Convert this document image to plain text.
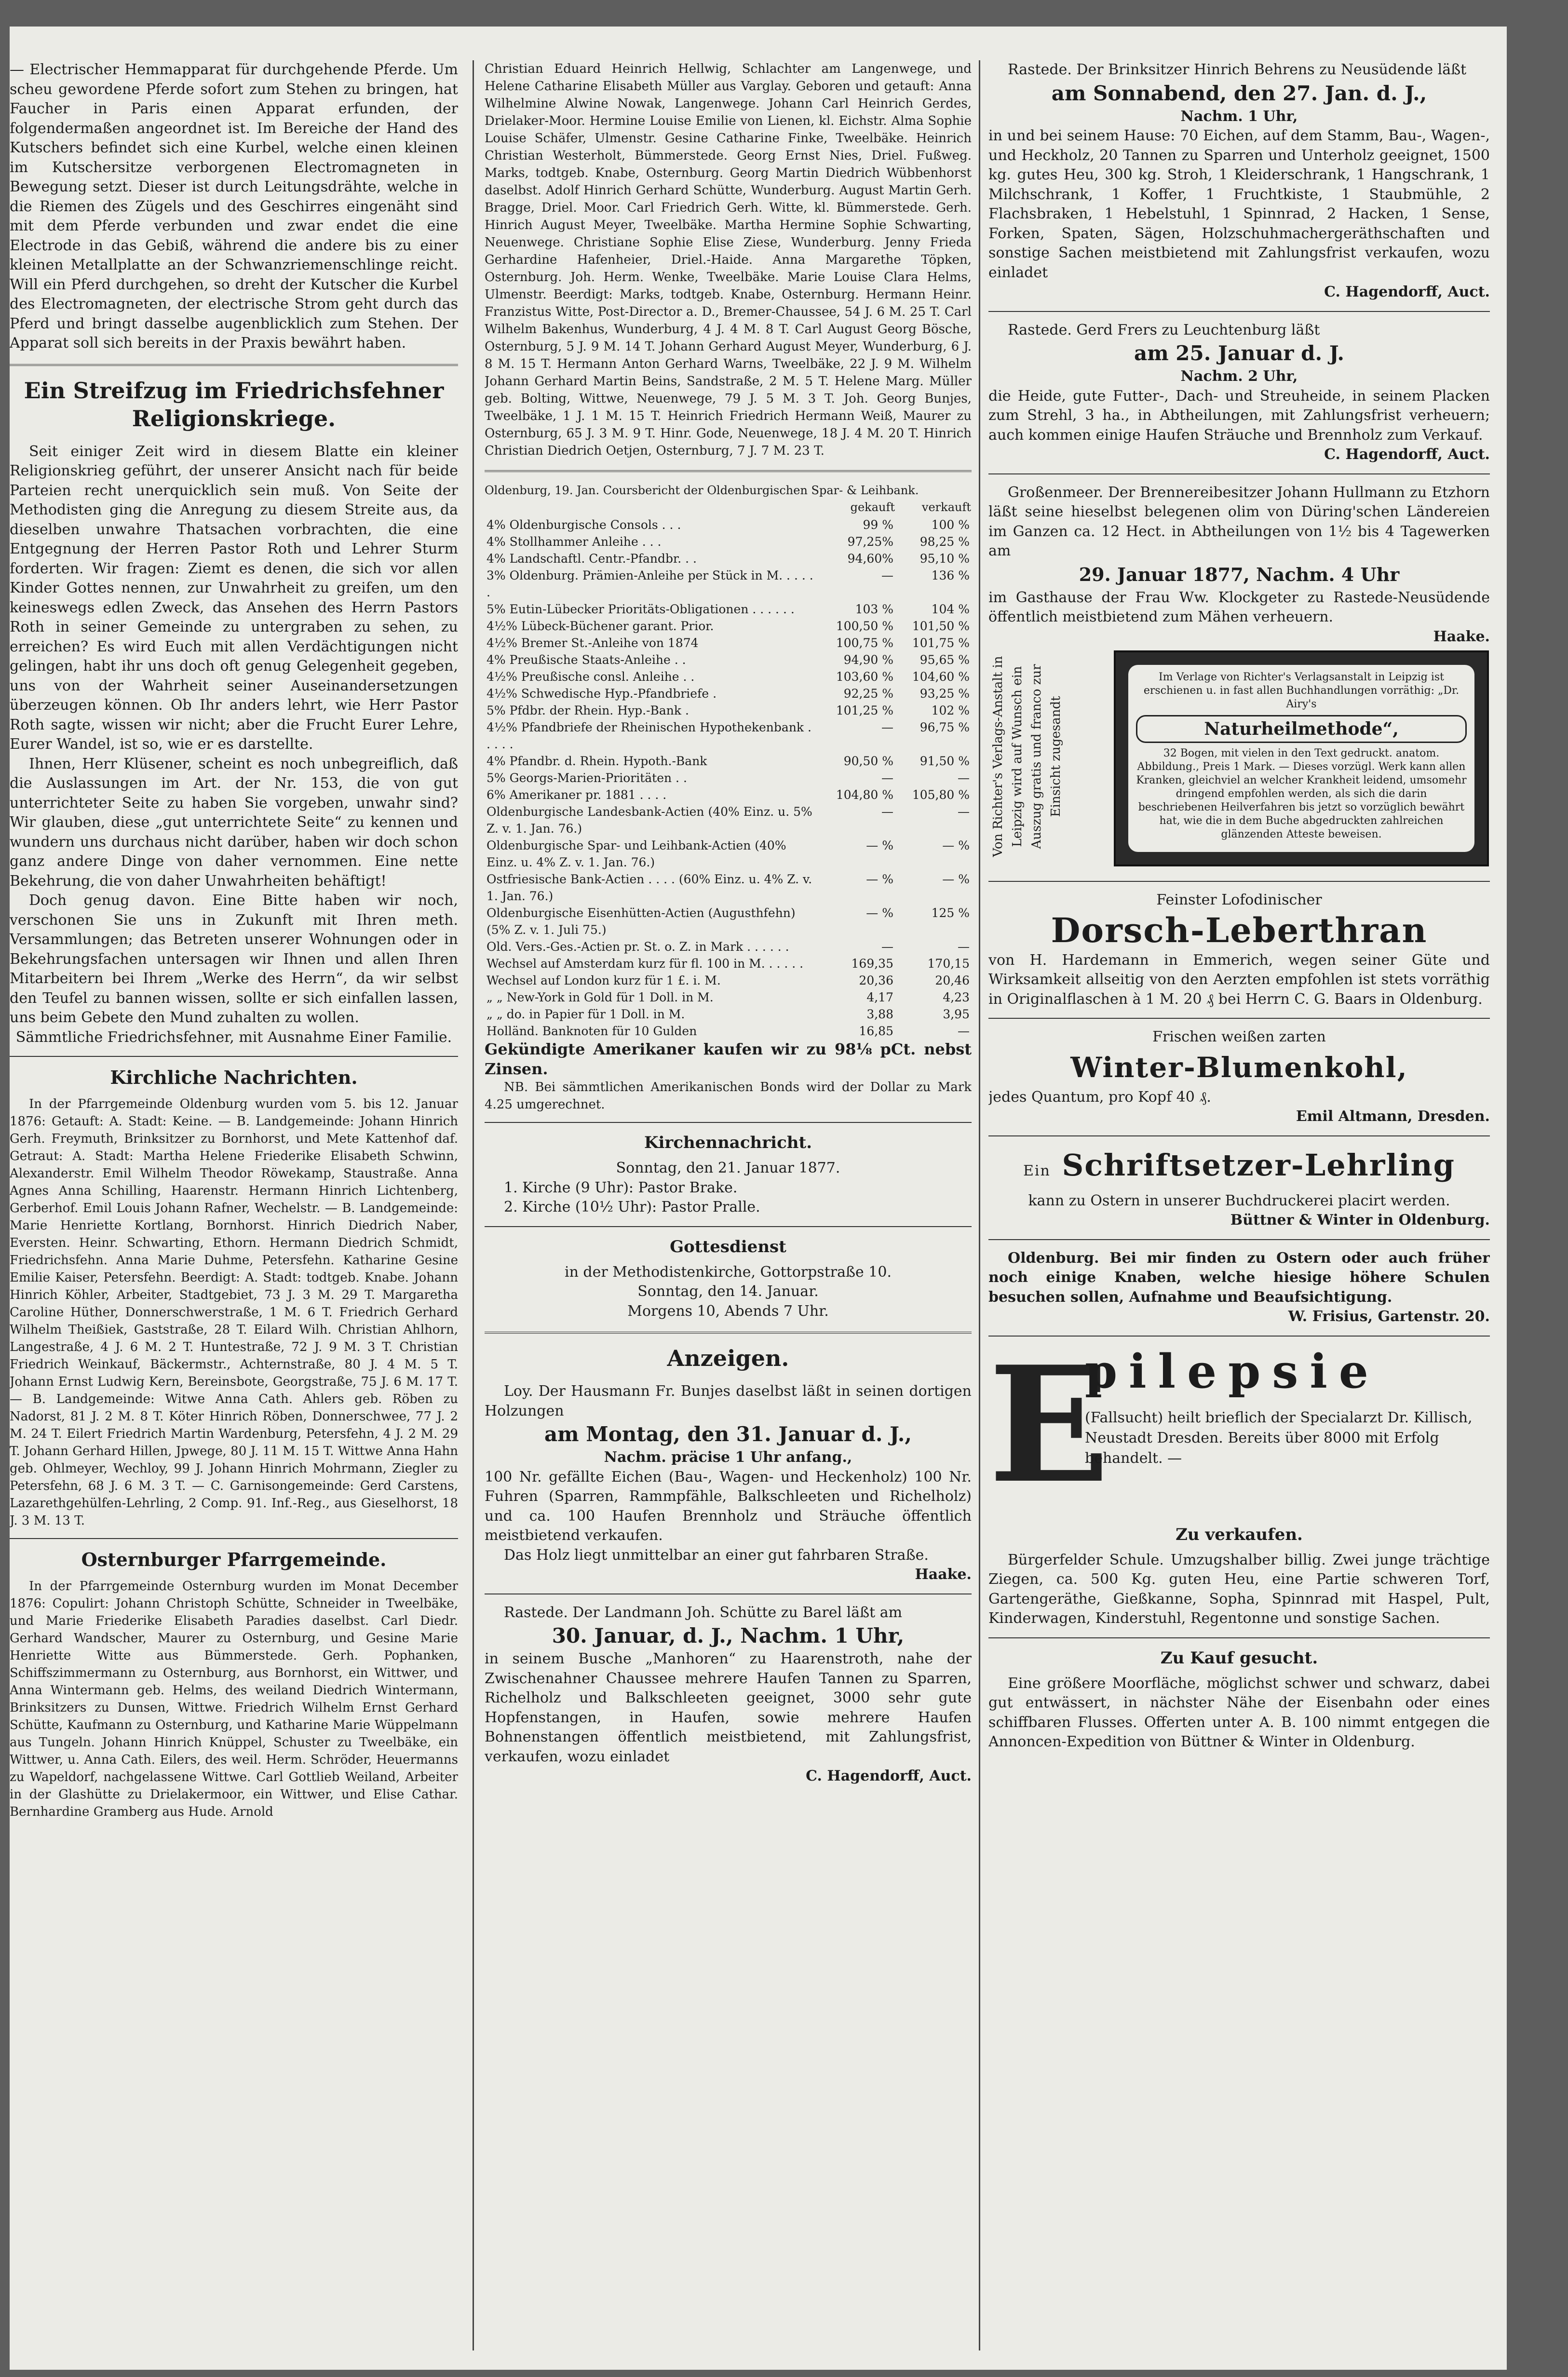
— Electrischer Hemmapparat für durchgehende Pferde. Um scheu gewordene Pferde sofort zum Stehen zu bringen, hat Faucher in Paris einen Apparat erfunden, der folgendermaßen angeordnet ist. Im Bereiche der Hand des Kutschers befindet sich eine Kurbel, welche einen kleinen im Kutschersitze verborgenen Electromagneten in Bewegung setzt. Dieser ist durch Leitungsdrähte, welche in die Riemen des Zügels und des Geschirres eingenäht sind mit dem Pferde verbunden und zwar endet die eine Electrode in das Gebiß, während die andere bis zu einer kleinen Metallplatte an der Schwanzriemenschlinge reicht. Will ein Pferd durchgehen, so dreht der Kutscher die Kurbel des Electromagneten, der electrische Strom geht durch das Pferd und bringt dasselbe augenblicklich zum Stehen. Der Apparat soll sich bereits in der Praxis bewährt haben.

Ein Streifzug im Friedrichsfehner Religionskriege.

Seit einiger Zeit wird in diesem Blatte ein kleiner Religionskrieg geführt, der unserer Ansicht nach für beide Parteien recht unerquicklich sein muß. Von Seite der Methodisten ging die Anregung zu diesem Streite aus, da dieselben unwahre Thatsachen vorbrachten, die eine Entgegnung der Herren Pastor Roth und Lehrer Sturm forderten. Wir fragen: Ziemt es denen, die sich vor allen Kinder Gottes nennen, zur Unwahrheit zu greifen, um den keineswegs edlen Zweck, das Ansehen des Herrn Pastors Roth in seiner Gemeinde zu untergraben zu sehen, zu erreichen? Es wird Euch mit allen Verdächtigungen nicht gelingen, habt ihr uns doch oft genug Gelegenheit gegeben, uns von der Wahrheit seiner Auseinandersetzungen überzeugen können. Ob Ihr anders lehrt, wie Herr Pastor Roth sagte, wissen wir nicht; aber die Frucht Eurer Lehre, Eurer Wandel, ist so, wie er es darstellte.

Ihnen, Herr Klüsener, scheint es noch unbegreiflich, daß die Auslassungen im Art. der Nr. 153, die von gut unterrichteter Seite zu haben Sie vorgeben, unwahr sind? Wir glauben, diese „gut unterrichtete Seite“ zu kennen und wundern uns durchaus nicht darüber, haben wir doch schon ganz andere Dinge von daher vernommen. Eine nette Bekehrung, die von daher Unwahrheiten behäftigt!

Doch genug davon. Eine Bitte haben wir noch, verschonen Sie uns in Zukunft mit Ihren meth. Versammlungen; das Betreten unserer Wohnungen oder in Bekehrungsfachen untersagen wir Ihnen und allen Ihren Mitarbeitern bei Ihrem „Werke des Herrn“, da wir selbst den Teufel zu bannen wissen, sollte er sich einfallen lassen, uns beim Gebete den Mund zuhalten zu wollen.

Sämmtliche Friedrichsfehner, mit Ausnahme Einer Familie.

Kirchliche Nachrichten.

In der Pfarrgemeinde Oldenburg wurden vom 5. bis 12. Januar 1876: Getauft: A. Stadt: Keine. — B. Landgemeinde: Johann Hinrich Gerh. Freymuth, Brinksitzer zu Bornhorst, und Mete Kattenhof daf. Getraut: A. Stadt: Martha Helene Friederike Elisabeth Schwinn, Alexanderstr. Emil Wilhelm Theodor Röwekamp, Staustraße. Anna Agnes Anna Schilling, Haarenstr. Hermann Hinrich Lichtenberg, Gerberhof. Emil Louis Johann Rafner, Wechelstr. — B. Landgemeinde: Marie Henriette Kortlang, Bornhorst. Hinrich Diedrich Naber, Eversten. Heinr. Schwarting, Ethorn. Hermann Diedrich Schmidt, Friedrichsfehn. Anna Marie Duhme, Petersfehn. Katharine Gesine Emilie Kaiser, Petersfehn. Beerdigt: A. Stadt: todtgeb. Knabe. Johann Hinrich Köhler, Arbeiter, Stadtgebiet, 73 J. 3 M. 29 T. Margaretha Caroline Hüther, Donnerschwerstraße, 1 M. 6 T. Friedrich Gerhard Wilhelm Theißiek, Gaststraße, 28 T. Eilard Wilh. Christian Ahlhorn, Langestraße, 4 J. 6 M. 2 T. Huntestraße, 72 J. 9 M. 3 T. Christian Friedrich Weinkauf, Bäckermstr., Achternstraße, 80 J. 4 M. 5 T. Johann Ernst Ludwig Kern, Bereinsbote, Georgstraße, 75 J. 6 M. 17 T. — B. Landgemeinde: Witwe Anna Cath. Ahlers geb. Röben zu Nadorst, 81 J. 2 M. 8 T. Köter Hinrich Röben, Donnerschwee, 77 J. 2 M. 24 T. Eilert Friedrich Martin Wardenburg, Petersfehn, 4 J. 2 M. 29 T. Johann Gerhard Hillen, Jpwege, 80 J. 11 M. 15 T. Wittwe Anna Hahn geb. Ohlmeyer, Wechloy, 99 J. Johann Hinrich Mohrmann, Ziegler zu Petersfehn, 68 J. 6 M. 3 T. — C. Garnisongemeinde: Gerd Carstens, Lazarethgehülfen-Lehrling, 2 Comp. 91. Inf.-Reg., aus Gieselhorst, 18 J. 3 M. 13 T.

Osternburger Pfarrgemeinde.

In der Pfarrgemeinde Osternburg wurden im Monat December 1876: Copulirt: Johann Christoph Schütte, Schneider in Tweelbäke, und Marie Friederike Elisabeth Paradies daselbst. Carl Diedr. Gerhard Wandscher, Maurer zu Osternburg, und Gesine Marie Henriette Witte aus Bümmerstede. Gerh. Pophanken, Schiffszimmermann zu Osternburg, aus Bornhorst, ein Wittwer, und Anna Wintermann geb. Helms, des weiland Diedrich Wintermann, Brinksitzers zu Dunsen, Wittwe. Friedrich Wilhelm Ernst Gerhard Schütte, Kaufmann zu Osternburg, und Katharine Marie Wüppelmann aus Tungeln. Johann Hinrich Knüppel, Schuster zu Tweelbäke, ein Wittwer, u. Anna Cath. Eilers, des weil. Herm. Schröder, Heuermanns zu Wapeldorf, nachgelassene Wittwe. Carl Gottlieb Weiland, Arbeiter in der Glashütte zu Drielakermoor, ein Wittwer, und Elise Cathar. Bernhardine Gramberg aus Hude. Arnold

Christian Eduard Heinrich Hellwig, Schlachter am Langenwege, und Helene Catharine Elisabeth Müller aus Varglay. Geboren und getauft: Anna Wilhelmine Alwine Nowak, Langenwege. Johann Carl Heinrich Gerdes, Drielaker-Moor. Hermine Louise Emilie von Lienen, kl. Eichstr. Alma Sophie Louise Schäfer, Ulmenstr. Gesine Catharine Finke, Tweelbäke. Heinrich Christian Westerholt, Bümmerstede. Georg Ernst Nies, Driel. Fußweg. Marks, todtgeb. Knabe, Osternburg. Georg Martin Diedrich Wübbenhorst daselbst. Adolf Hinrich Gerhard Schütte, Wunderburg. August Martin Gerh. Bragge, Driel. Moor. Carl Friedrich Gerh. Witte, kl. Bümmerstede. Gerh. Hinrich August Meyer, Tweelbäke. Martha Hermine Sophie Schwarting, Neuenwege. Christiane Sophie Elise Ziese, Wunderburg. Jenny Frieda Gerhardine Hafenheier, Driel.-Haide. Anna Margarethe Töpken, Osternburg. Joh. Herm. Wenke, Tweelbäke. Marie Louise Clara Helms, Ulmenstr. Beerdigt: Marks, todtgeb. Knabe, Osternburg. Hermann Heinr. Franzistus Witte, Post-Director a. D., Bremer-Chaussee, 54 J. 6 M. 25 T. Carl Wilhelm Bakenhus, Wunderburg, 4 J. 4 M. 8 T. Carl August Georg Bösche, Osternburg, 5 J. 9 M. 14 T. Johann Gerhard August Meyer, Wunderburg, 6 J. 8 M. 15 T. Hermann Anton Gerhard Warns, Tweelbäke, 22 J. 9 M. Wilhelm Johann Gerhard Martin Beins, Sandstraße, 2 M. 5 T. Helene Marg. Müller geb. Bolting, Wittwe, Neuenwege, 79 J. 5 M. 3 T. Joh. Georg Bunjes, Tweelbäke, 1 J. 1 M. 15 T. Heinrich Friedrich Hermann Weiß, Maurer zu Osternburg, 65 J. 3 M. 9 T. Hinr. Gode, Neuenwege, 18 J. 4 M. 20 T. Hinrich Christian Diedrich Oetjen, Osternburg, 7 J. 7 M. 23 T.

Oldenburg, 19. Jan. Coursbericht der Oldenburgischen Spar- & Leihbank.

	gekauft	verkauft
4% Oldenburgische Consols . . .	99 %	100 %
4% Stollhammer Anleihe . . .	97,25%	98,25 %
4% Landschaftl. Centr.-Pfandbr. . .	94,60%	95,10 %
3% Oldenburg. Prämien-Anleihe per Stück in M. . . . . .	—	136 %
5% Eutin-Lübecker Prioritäts-Obligationen . . . . . .	103 %	104 %
4½% Lübeck-Büchener garant. Prior.	100,50 %	101,50 %
4½% Bremer St.-Anleihe von 1874	100,75 %	101,75 %
4% Preußische Staats-Anleihe . .	94,90 %	95,65 %
4½% Preußische consl. Anleihe . .	103,60 %	104,60 %
4½% Schwedische Hyp.-Pfandbriefe .	92,25 %	93,25 %
5% Pfdbr. der Rhein. Hyp.-Bank .	101,25 %	102 %
4½% Pfandbriefe der Rheinischen Hypothekenbank . . . . .	—	96,75 %
4% Pfandbr. d. Rhein. Hypoth.-Bank	90,50 %	91,50 %
5% Georgs-Marien-Prioritäten . .	—	—
6% Amerikaner pr. 1881 . . . .	104,80 %	105,80 %
Oldenburgische Landesbank-Actien (40% Einz. u. 5% Z. v. 1. Jan. 76.)	—	—
Oldenburgische Spar- und Leihbank-Actien (40% Einz. u. 4% Z. v. 1. Jan. 76.)	— %	— %
Ostfriesische Bank-Actien . . . . (60% Einz. u. 4% Z. v. 1. Jan. 76.)	— %	— %
Oldenburgische Eisenhütten-Actien (Augusthfehn) (5% Z. v. 1. Juli 75.)	— %	125 %
Old. Vers.-Ges.-Actien pr. St. o. Z. in Mark . . . . . .	—	—
Wechsel auf Amsterdam kurz für fl. 100 in M. . . . . .	169,35	170,15
Wechsel auf London kurz für 1 £. i. M.	20,36	20,46
„ „ New-York in Gold für 1 Doll. in M.	4,17	4,23
„ „ do. in Papier für 1 Doll. in M.	3,88	3,95
Holländ. Banknoten für 10 Gulden	16,85	—

Gekündigte Amerikaner kaufen wir zu 98⅛ pCt. nebst Zinsen.

NB. Bei sämmtlichen Amerikanischen Bonds wird der Dollar zu Mark 4.25 umgerechnet.

Kirchennachricht.

Sonntag, den 21. Januar 1877.

1. Kirche (9 Uhr): Pastor Brake.

2. Kirche (10½ Uhr): Pastor Pralle.

Gottesdienst

in der Methodistenkirche, Gottorpstraße 10.

Sonntag, den 14. Januar.

Morgens 10, Abends 7 Uhr.

Anzeigen.

Loy. Der Hausmann Fr. Bunjes daselbst läßt in seinen dortigen Holzungen

am Montag, den 31. Januar d. J.,

Nachm. präcise 1 Uhr anfang.,

100 Nr. gefällte Eichen (Bau-, Wagen- und Heckenholz) 100 Nr. Fuhren (Sparren, Rammpfähle, Balkschleeten und Richelholz) und ca. 100 Haufen Brennholz und Sträuche öffentlich meistbietend verkaufen.

Das Holz liegt unmittelbar an einer gut fahrbaren Straße.

Haake.

Rastede. Der Landmann Joh. Schütte zu Barel läßt am

30. Januar, d. J., Nachm. 1 Uhr,

in seinem Busche „Manhoren“ zu Haarenstroth, nahe der Zwischenahner Chaussee mehrere Haufen Tannen zu Sparren, Richelholz und Balkschleeten geeignet, 3000 sehr gute Hopfenstangen, in Haufen, sowie mehrere Haufen Bohnenstangen öffentlich meistbietend, mit Zahlungsfrist, verkaufen, wozu einladet

C. Hagendorff, Auct.

Rastede. Der Brinksitzer Hinrich Behrens zu Neusüdende läßt

am Sonnabend, den 27. Jan. d. J.,

Nachm. 1 Uhr,

in und bei seinem Hause: 70 Eichen, auf dem Stamm, Bau-, Wagen-, und Heckholz, 20 Tannen zu Sparren und Unterholz geeignet, 1500 kg. gutes Heu, 300 kg. Stroh, 1 Kleiderschrank, 1 Hangschrank, 1 Milchschrank, 1 Koffer, 1 Fruchtkiste, 1 Staubmühle, 2 Flachsbraken, 1 Hebelstuhl, 1 Spinnrad, 2 Hacken, 1 Sense, Forken, Spaten, Sägen, Holzschuhmachergeräthschaften und sonstige Sachen meistbietend mit Zahlungsfrist verkaufen, wozu einladet

C. Hagendorff, Auct.

Rastede. Gerd Frers zu Leuchtenburg läßt

am 25. Januar d. J.

Nachm. 2 Uhr,

die Heide, gute Futter-, Dach- und Streuheide, in seinem Placken zum Strehl, 3 ha., in Abtheilungen, mit Zahlungsfrist verheuern; auch kommen einige Haufen Sträuche und Brennholz zum Verkauf.

C. Hagendorff, Auct.

Großenmeer. Der Brennereibesitzer Johann Hullmann zu Etzhorn läßt seine hieselbst belegenen olim von Düring'schen Ländereien im Ganzen ca. 12 Hect. in Abtheilungen von 1½ bis 4 Tagewerken am

29. Januar 1877, Nachm. 4 Uhr

im Gasthause der Frau Ww. Klockgeter zu Rastede-Neusüdende öffentlich meistbietend zum Mähen verheuern.

Haake.

Von Richter's Verlags-Anstalt in Leipzig wird auf Wunsch ein Auszug gratis und franco zur Einsicht zugesandt

Im Verlage von Richter's Verlagsanstalt in Leipzig ist erschienen u. in fast allen Buchhandlungen vorräthig: „Dr. Airy's

Naturheilmethode“,

32 Bogen, mit vielen in den Text gedruckt. anatom. Abbildung., Preis 1 Mark. — Dieses vorzügl. Werk kann allen Kranken, gleichviel an welcher Krankheit leidend, umsomehr dringend empfohlen werden, als sich die darin beschriebenen Heilverfahren bis jetzt so vorzüglich bewährt hat, wie die in dem Buche abgedruckten zahlreichen glänzenden Atteste beweisen.

Feinster Lofodinischer

Dorsch-Leberthran

von H. Hardemann in Emmerich, wegen seiner Güte und Wirksamkeit allseitig von den Aerzten empfohlen ist stets vorräthig in Originalflaschen à 1 M. 20 ₰ bei Herrn C. G. Baars in Oldenburg.

Frischen weißen zarten

Winter-Blumenkohl,

jedes Quantum, pro Kopf 40 ₰.

Emil Altmann, Dresden.

Ein Schriftsetzer-Lehrling

kann zu Ostern in unserer Buchdruckerei placirt werden.

Büttner & Winter in Oldenburg.

Oldenburg. Bei mir finden zu Ostern oder auch früher noch einige Knaben, welche hiesige höhere Schulen besuchen sollen, Aufnahme und Beaufsichtigung.

W. Frisius, Gartenstr. 20.

E
pilepsie
(Fallsucht) heilt brieflich der Specialarzt Dr. Killisch, Neustadt Dresden. Bereits über 8000 mit Erfolg behandelt. —
Zu verkaufen.

Bürgerfelder Schule. Umzugshalber billig. Zwei junge trächtige Ziegen, ca. 500 Kg. guten Heu, eine Partie schweren Torf, Gartengeräthe, Gießkanne, Sopha, Spinnrad mit Haspel, Pult, Kinderwagen, Kinderstuhl, Regentonne und sonstige Sachen.

Zu Kauf gesucht.

Eine größere Moorfläche, möglichst schwer und schwarz, dabei gut entwässert, in nächster Nähe der Eisenbahn oder eines schiffbaren Flusses. Offerten unter A. B. 100 nimmt entgegen die Annoncen-Expedition von Büttner & Winter in Oldenburg.
